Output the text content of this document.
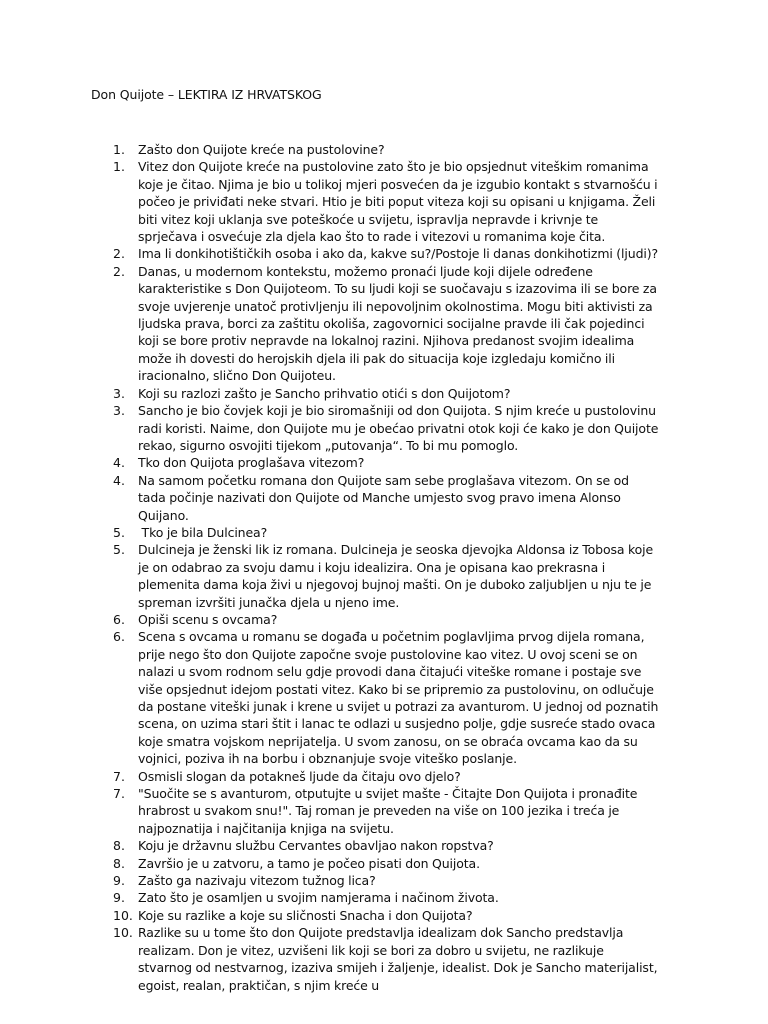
Don Quijote – LEKTIRA IZ HRVATSKOG
1. Zašto don Quijote kreće na pustolovine?
1. Vitez don Quijote kreće na pustolovine zato što je bio opsjednut viteškim romanima koje je čitao. Njima je bio u tolikoj mjeri posvećen da je izgubio kontakt s stvarnošću i počeo je priviđati neke stvari. Htio je biti poput viteza koji su opisani u knjigama. Želi biti vitez koji uklanja sve poteškoće u svijetu, ispravlja nepravde i krivnje te sprječava i osvećuje zla djela kao što to rade i vitezovi u romanima koje čita.
2. Ima li donkihotištičkih osoba i ako da, kakve su?/Postoje li danas donkihotizmi (ljudi)?
2. Danas, u modernom kontekstu, možemo pronaći ljude koji dijele određene karakteristike s Don Quijoteom. To su ljudi koji se suočavaju s izazovima ili se bore za svoje uvjerenje unatoč protivljenju ili nepovoljnim okolnostima. Mogu biti aktivisti za ljudska prava, borci za zaštitu okoliša, zagovornici socijalne pravde ili čak pojedinci koji se bore protiv nepravde na lokalnoj razini. Njihova predanost svojim idealima može ih dovesti do herojskih djela ili pak do situacija koje izgledaju komično ili iracionalno, slično Don Quijoteu.
3. Koji su razlozi zašto je Sancho prihvatio otići s don Quijotom?
3. Sancho je bio čovjek koji je bio siromašniji od don Quijota. S njim kreće u pustolovinu radi koristi. Naime, don Quijote mu je obećao privatni otok koji će kako je don Quijote rekao, sigurno osvojiti tijekom „putovanja“. To bi mu pomoglo.
4. Tko don Quijota proglašava vitezom?
4. Na samom početku romana don Quijote sam sebe proglašava vitezom. On se od tada počinje nazivati don Quijote od Manche umjesto svog pravo imena Alonso Quijano.
5. Tko je bila Dulcinea?
5. Dulcineja je ženski lik iz romana. Dulcineja je seoska djevojka Aldonsa iz Tobosa koje je on odabrao za svoju damu i koju idealizira. Ona je opisana kao prekrasna i plemenita dama koja živi u njegovoj bujnoj mašti. On je duboko zaljubljen u nju te je spreman izvršiti junačka djela u njeno ime.
6. Opiši scenu s ovcama?
6. Scena s ovcama u romanu se događa u početnim poglavljima prvog dijela romana, prije nego što don Quijote započne svoje pustolovine kao vitez. U ovoj sceni se on nalazi u svom rodnom selu gdje provodi dana čitajući viteške romane i postaje sve više opsjednut idejom postati vitez. Kako bi se pripremio za pustolovinu, on odlučuje da postane viteški junak i krene u svijet u potrazi za avanturom. U jednoj od poznatih scena, on uzima stari štit i lanac te odlazi u susjedno polje, gdje susreće stado ovaca koje smatra vojskom neprijatelja. U svom zanosu, on se obraća ovcama kao da su vojnici, poziva ih na borbu i obznanjuje svoje viteško poslanje.
7. Osmisli slogan da potakneš ljude da čitaju ovo djelo?
7. "Suočite se s avanturom, otputujte u svijet mašte - Čitajte Don Quijota i pronađite hrabrost u svakom snu!". Taj roman je preveden na više on 100 jezika i treća je najpoznatija i najčitanija knjiga na svijetu.
8. Koju je državnu službu Cervantes obavljao nakon ropstva?
8. Završio je u zatvoru, a tamo je počeo pisati don Quijota.
9. Zašto ga nazivaju vitezom tužnog lica?
9. Zato što je osamljen u svojim namjerama i načinom života.
10. Koje su razlike a koje su sličnosti Snacha i don Quijota?
10. Razlike su u tome što don Quijote predstavlja idealizam dok Sancho predstavlja realizam. Don je vitez, uzvišeni lik koji se bori za dobro u svijetu, ne razlikuje stvarnog od nestvarnog, izaziva smijeh i žaljenje, idealist. Dok je Sancho materijalist, egoist, realan, praktičan, s njim kreće u
